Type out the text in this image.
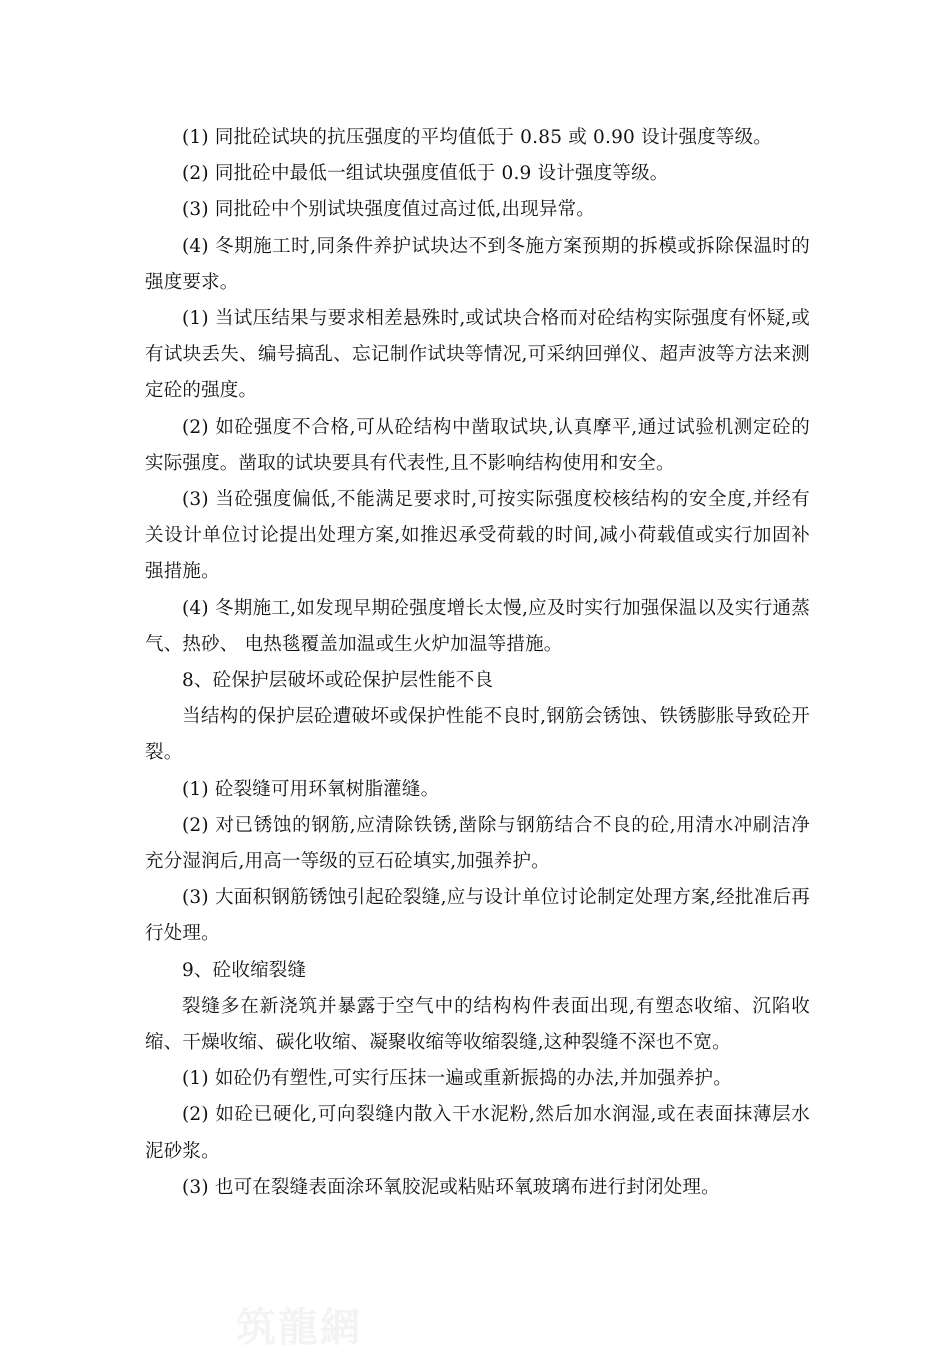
(1) 同批砼试块的抗压强度的平均值低于 0.85 或 0.90 设计强度等级。

(2) 同批砼中最低一组试块强度值低于 0.9 设计强度等级。

(3) 同批砼中个别试块强度值过高过低,出现异常。

(4) 冬期施工时,同条件养护试块达不到冬施方案预期的拆模或拆除保温时的强度要求。

(1) 当试压结果与要求相差悬殊时,或试块合格而对砼结构实际强度有怀疑,或有试块丢失、编号搞乱、忘记制作试块等情况,可采纳回弹仪、超声波等方法来测定砼的强度。

(2) 如砼强度不合格,可从砼结构中凿取试块,认真摩平,通过试验机测定砼的实际强度。凿取的试块要具有代表性,且不影响结构使用和安全。

(3) 当砼强度偏低,不能满足要求时,可按实际强度校核结构的安全度,并经有关设计单位讨论提出处理方案,如推迟承受荷载的时间,减小荷载值或实行加固补强措施。

(4) 冬期施工,如发现早期砼强度增长太慢,应及时实行加强保温以及实行通蒸气、热砂、 电热毯覆盖加温或生火炉加温等措施。

8、砼保护层破坏或砼保护层性能不良

当结构的保护层砼遭破坏或保护性能不良时,钢筋会锈蚀、铁锈膨胀导致砼开裂。

(1) 砼裂缝可用环氧树脂灌缝。

(2) 对已锈蚀的钢筋,应清除铁锈,凿除与钢筋结合不良的砼,用清水冲刷洁净充分湿润后,用高一等级的豆石砼填实,加强养护。

(3) 大面积钢筋锈蚀引起砼裂缝,应与设计单位讨论制定处理方案,经批准后再行处理。

9、砼收缩裂缝

裂缝多在新浇筑并暴露于空气中的结构构件表面出现,有塑态收缩、沉陷收缩、干燥收缩、碳化收缩、凝聚收缩等收缩裂缝,这种裂缝不深也不宽。

(1) 如砼仍有塑性,可实行压抹一遍或重新振捣的办法,并加强养护。

(2) 如砼已硬化,可向裂缝内散入干水泥粉,然后加水润湿,或在表面抹薄层水泥砂浆。

(3) 也可在裂缝表面涂环氧胶泥或粘贴环氧玻璃布进行封闭处理。

筑龍網
